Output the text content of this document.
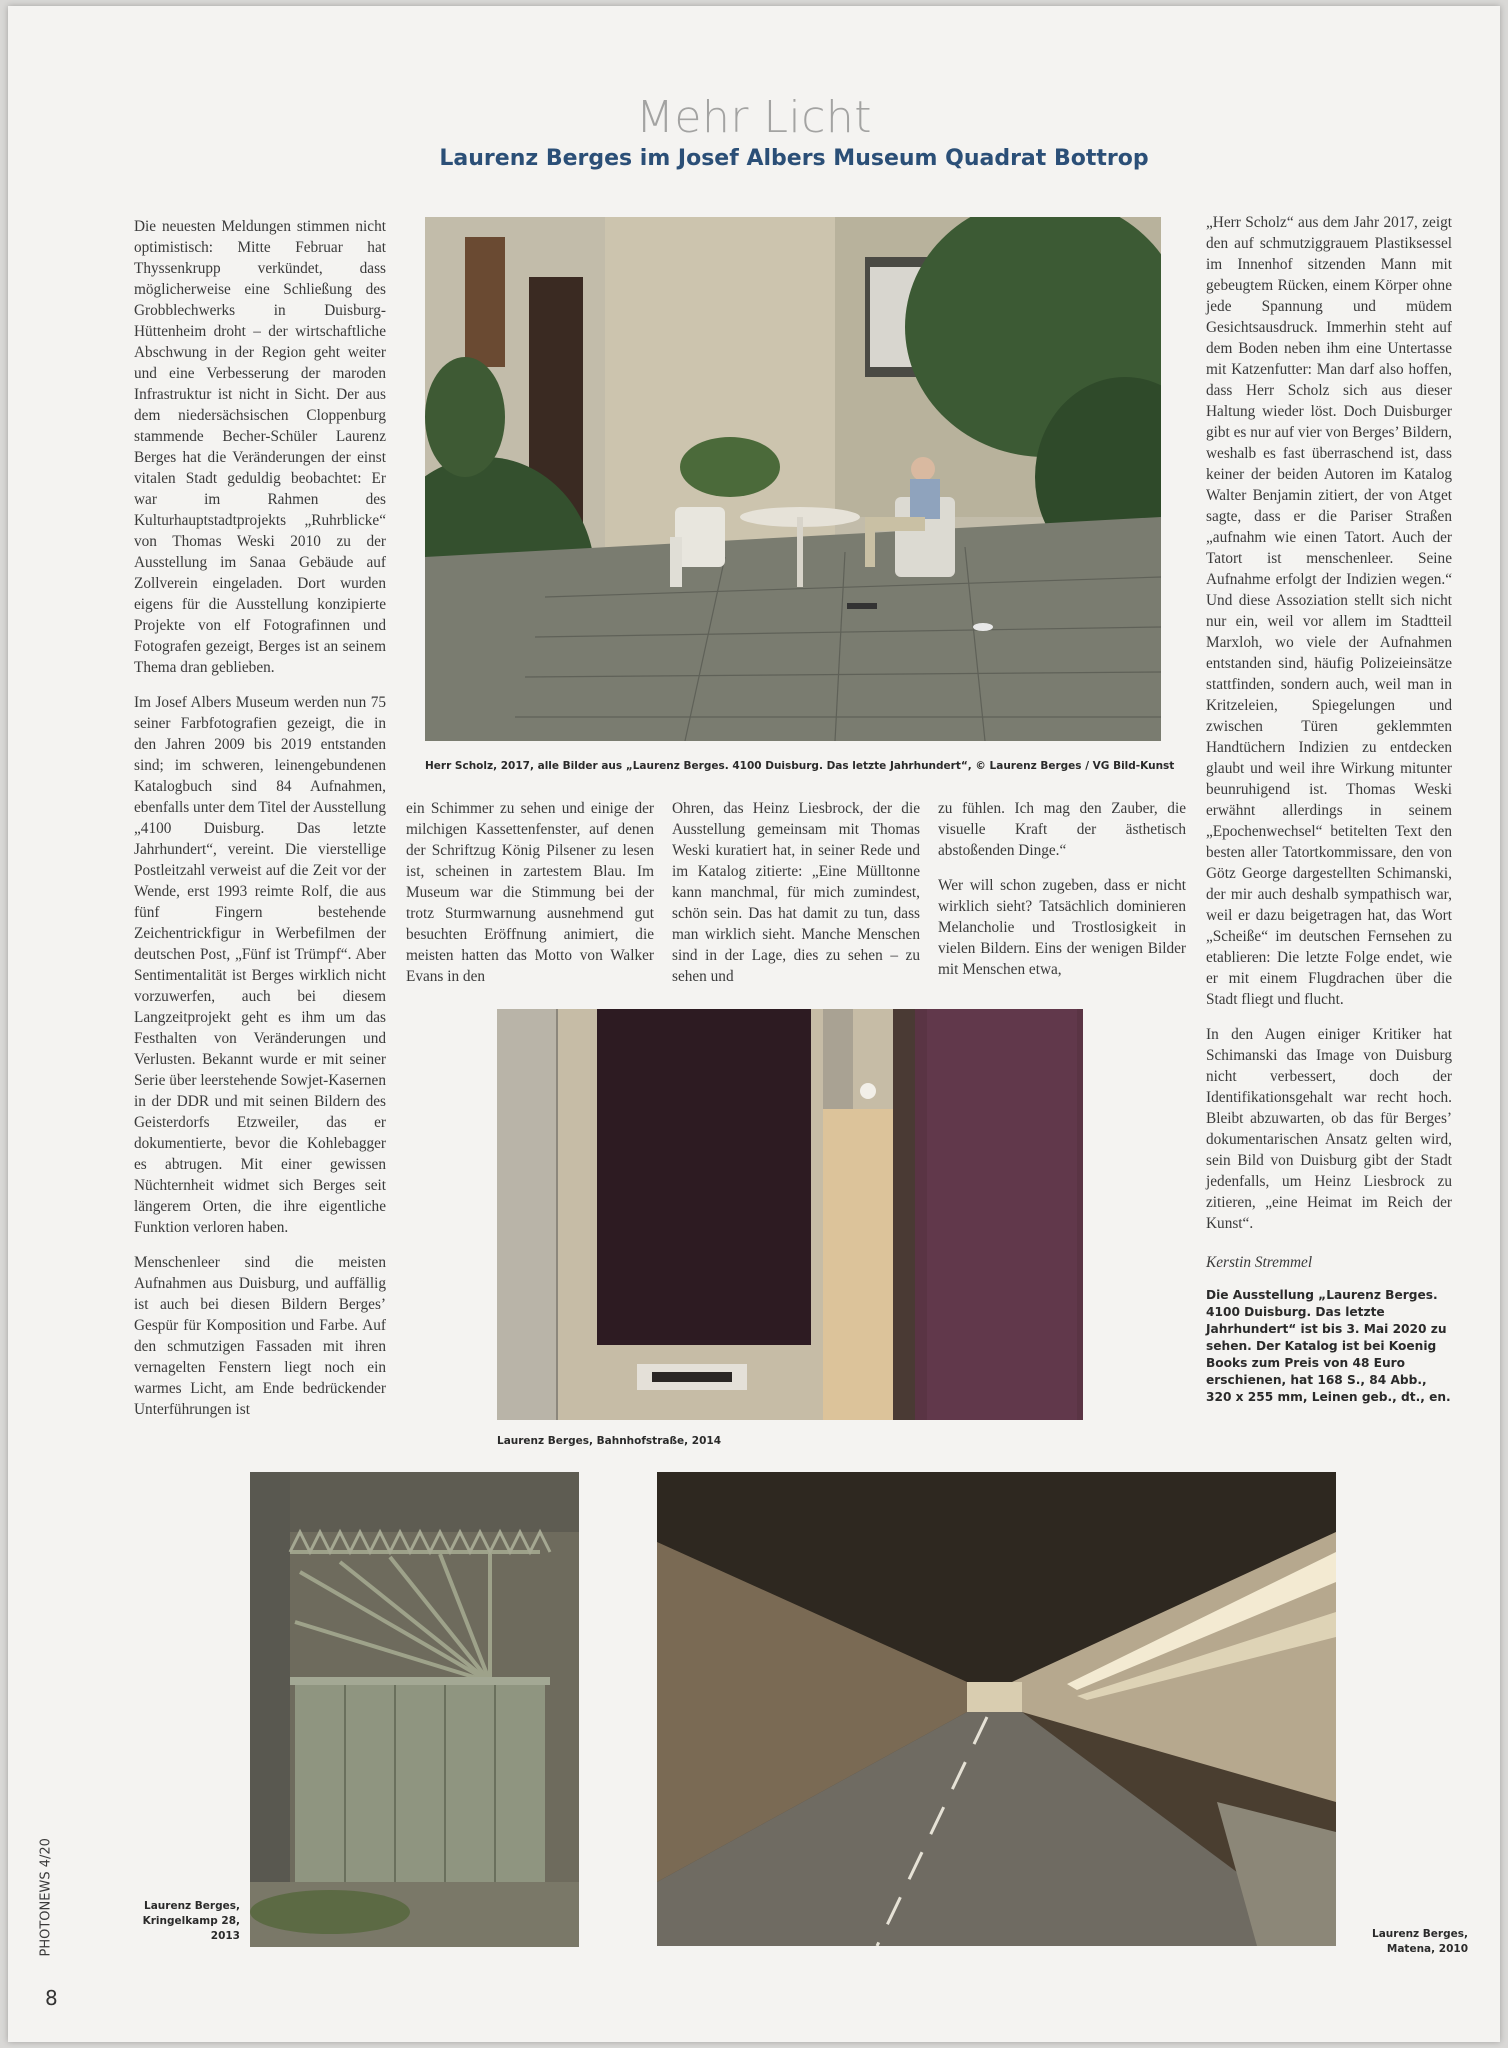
Mehr Licht
Laurenz Berges im Josef Albers Museum Quadrat Bottrop

Die neuesten Meldungen stimmen nicht optimistisch: Mitte Februar hat Thyssenkrupp verkündet, dass möglicherweise eine Schließung des Grobblechwerks in Duisburg-Hüttenheim droht – der wirtschaftliche Abschwung in der Region geht weiter und eine Verbesserung der maroden Infrastruktur ist nicht in Sicht. Der aus dem niedersächsischen Cloppenburg stammende Becher-Schüler Laurenz Berges hat die Veränderungen der einst vitalen Stadt geduldig beobachtet: Er war im Rahmen des Kulturhauptstadtprojekts „Ruhrblicke“ von Thomas Weski 2010 zu der Ausstellung im Sanaa Gebäude auf Zollverein eingeladen. Dort wurden eigens für die Ausstellung konzipierte Projekte von elf Fotografinnen und Fotografen gezeigt, Berges ist an seinem Thema dran geblieben.

Im Josef Albers Museum werden nun 75 seiner Farbfotografien gezeigt, die in den Jahren 2009 bis 2019 entstanden sind; im schweren, leinengebundenen Katalogbuch sind 84 Aufnahmen, ebenfalls unter dem Titel der Ausstellung „4100 Duisburg. Das letzte Jahrhundert“, vereint. Die vierstellige Postleitzahl verweist auf die Zeit vor der Wende, erst 1993 reimte Rolf, die aus fünf Fingern bestehende Zeichentrickfigur in Werbefilmen der deutschen Post, „Fünf ist Trümpf“. Aber Sentimentalität ist Berges wirklich nicht vorzuwerfen, auch bei diesem Langzeitprojekt geht es ihm um das Festhalten von Veränderungen und Verlusten. Bekannt wurde er mit seiner Serie über leerstehende Sowjet-Kasernen in der DDR und mit seinen Bildern des Geisterdorfs Etzweiler, das er dokumentierte, bevor die Kohlebagger es abtrugen. Mit einer gewissen Nüchternheit widmet sich Berges seit längerem Orten, die ihre eigentliche Funktion verloren haben.

Menschenleer sind die meisten Aufnahmen aus Duisburg, und auffällig ist auch bei diesen Bildern Berges’ Gespür für Komposition und Farbe. Auf den schmutzigen Fassaden mit ihren vernagelten Fenstern liegt noch ein warmes Licht, am Ende bedrückender Unterführungen ist

Herr Scholz, 2017, alle Bilder aus „Laurenz Berges. 4100 Duisburg. Das letzte Jahrhundert“, © Laurenz Berges / VG Bild-Kunst

ein Schimmer zu sehen und einige der milchigen Kassettenfenster, auf denen der Schriftzug König Pilsener zu lesen ist, scheinen in zartestem Blau. Im Museum war die Stimmung bei der trotz Sturmwarnung ausnehmend gut besuchten Eröffnung animiert, die meisten hatten das Motto von Walker Evans in den

Ohren, das Heinz Liesbrock, der die Ausstellung gemeinsam mit Thomas Weski kuratiert hat, in seiner Rede und im Katalog zitierte: „Eine Mülltonne kann manchmal, für mich zumindest, schön sein. Das hat damit zu tun, dass man wirklich sieht. Manche Menschen sind in der Lage, dies zu sehen – zu sehen und

zu fühlen. Ich mag den Zauber, die visuelle Kraft der ästhetisch abstoßenden Dinge.“

Wer will schon zugeben, dass er nicht wirklich sieht? Tatsächlich dominieren Melancholie und Trostlosigkeit in vielen Bildern. Eins der wenigen Bilder mit Menschen etwa,

„Herr Scholz“ aus dem Jahr 2017, zeigt den auf schmutziggrauem Plastiksessel im Innenhof sitzenden Mann mit gebeugtem Rücken, einem Körper ohne jede Spannung und müdem Gesichtsausdruck. Immerhin steht auf dem Boden neben ihm eine Untertasse mit Katzenfutter: Man darf also hoffen, dass Herr Scholz sich aus dieser Haltung wieder löst. Doch Duisburger gibt es nur auf vier von Berges’ Bildern, weshalb es fast überraschend ist, dass keiner der beiden Autoren im Katalog Walter Benjamin zitiert, der von Atget sagte, dass er die Pariser Straßen „aufnahm wie einen Tatort. Auch der Tatort ist menschenleer. Seine Aufnahme erfolgt der Indizien wegen.“ Und diese Assoziation stellt sich nicht nur ein, weil vor allem im Stadtteil Marxloh, wo viele der Aufnahmen entstanden sind, häufig Polizeieinsätze stattfinden, sondern auch, weil man in Kritzeleien, Spiegelungen und zwischen Türen geklemmten Handtüchern Indizien zu entdecken glaubt und weil ihre Wirkung mitunter beunruhigend ist. Thomas Weski erwähnt allerdings in seinem „Epochenwechsel“ betitelten Text den besten aller Tatortkommissare, den von Götz George dargestellten Schimanski, der mir auch deshalb sympathisch war, weil er dazu beigetragen hat, das Wort „Scheiße“ im deutschen Fernsehen zu etablieren: Die letzte Folge endet, wie er mit einem Flugdrachen über die Stadt fliegt und flucht.

In den Augen einiger Kritiker hat Schimanski das Image von Duisburg nicht verbessert, doch der Identifikationsgehalt war recht hoch. Bleibt abzuwarten, ob das für Berges’ dokumentarischen Ansatz gelten wird, sein Bild von Duisburg gibt der Stadt jedenfalls, um Heinz Liesbrock zu zitieren, „eine Heimat im Reich der Kunst“.

Kerstin Stremmel
Die Ausstellung „Laurenz Berges. 4100 Duisburg. Das letzte Jahrhundert“ ist bis 3. Mai 2020 zu sehen. Der Katalog ist bei Koenig Books zum Preis von 48 Euro erschienen, hat 168 S., 84 Abb., 320 x 255 mm, Leinen geb., dt., en.
Laurenz Berges, Bahnhofstraße, 2014
Laurenz Berges,
Kringelkamp 28,
2013	Laurenz Berges,
Matena, 2010
PHOTONEWS 4/20
8
